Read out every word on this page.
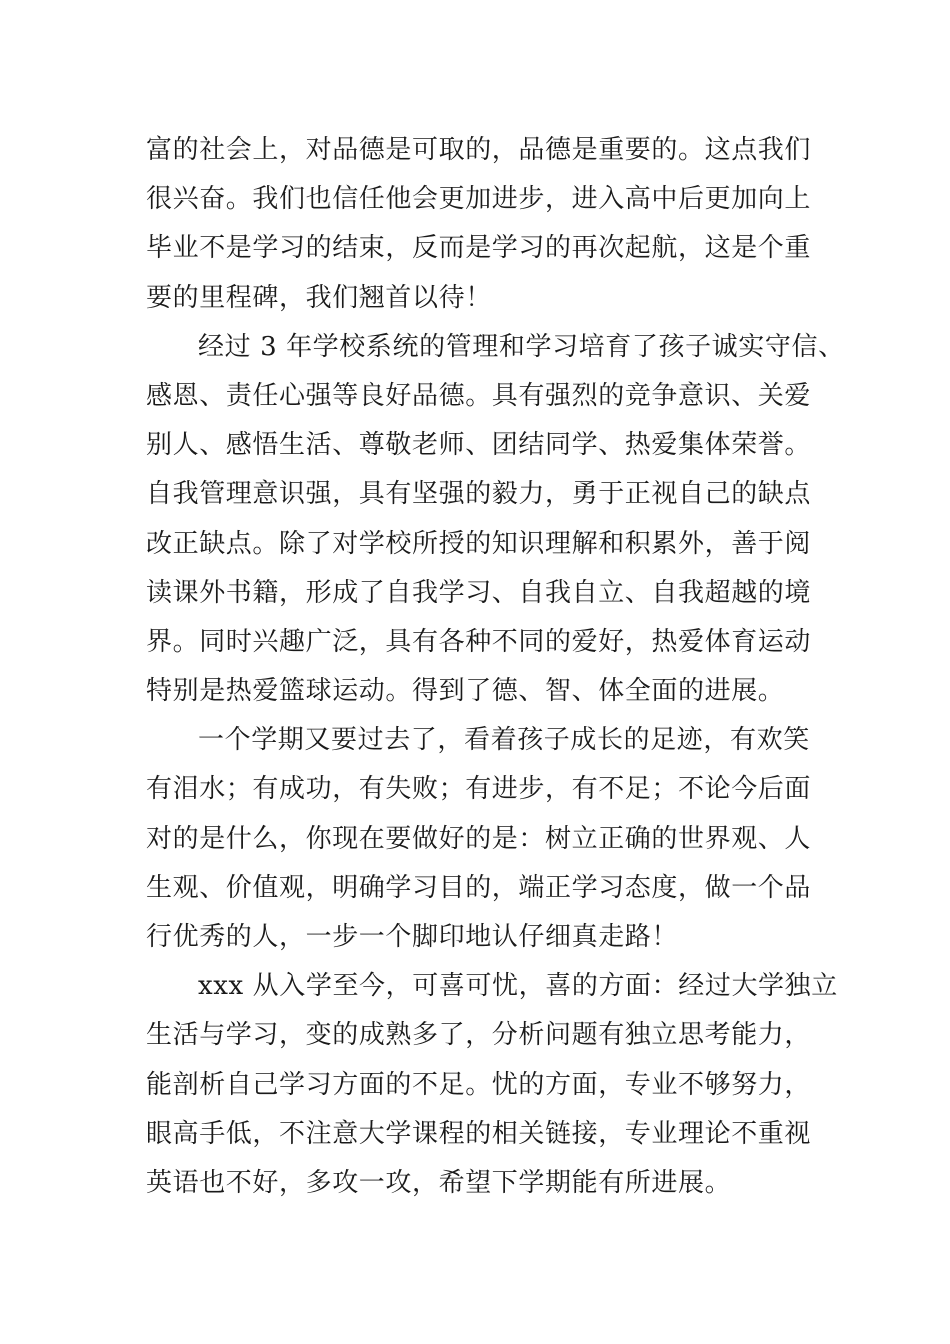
富的社会上，对品德是可取的，品德是重要的。这点我们
很兴奋。我们也信任他会更加进步，进入高中后更加向上
毕业不是学习的结束，反而是学习的再次起航，这是个重
要的里程碑，我们翘首以待！
经过 3 年学校系统的管理和学习培育了孩子诚实守信、
感恩、责任心强等良好品德。具有强烈的竞争意识、关爱
别人、感悟生活、尊敬老师、团结同学、热爱集体荣誉。
自我管理意识强，具有坚强的毅力，勇于正视自己的缺点
改正缺点。除了对学校所授的知识理解和积累外，善于阅
读课外书籍，形成了自我学习、自我自立、自我超越的境
界。同时兴趣广泛，具有各种不同的爱好，热爱体育运动
特别是热爱篮球运动。得到了德、智、体全面的进展。
一个学期又要过去了，看着孩子成长的足迹，有欢笑
有泪水；有成功，有失败；有进步，有不足；不论今后面
对的是什么，你现在要做好的是：树立正确的世界观、人
生观、价值观，明确学习目的，端正学习态度，做一个品
行优秀的人，一步一个脚印地认仔细真走路！
xxx 从入学至今，可喜可忧，喜的方面：经过大学独立
生活与学习，变的成熟多了，分析问题有独立思考能力，
能剖析自己学习方面的不足。忧的方面，专业不够努力，
眼高手低，不注意大学课程的相关链接，专业理论不重视
英语也不好，多攻一攻，希望下学期能有所进展。
